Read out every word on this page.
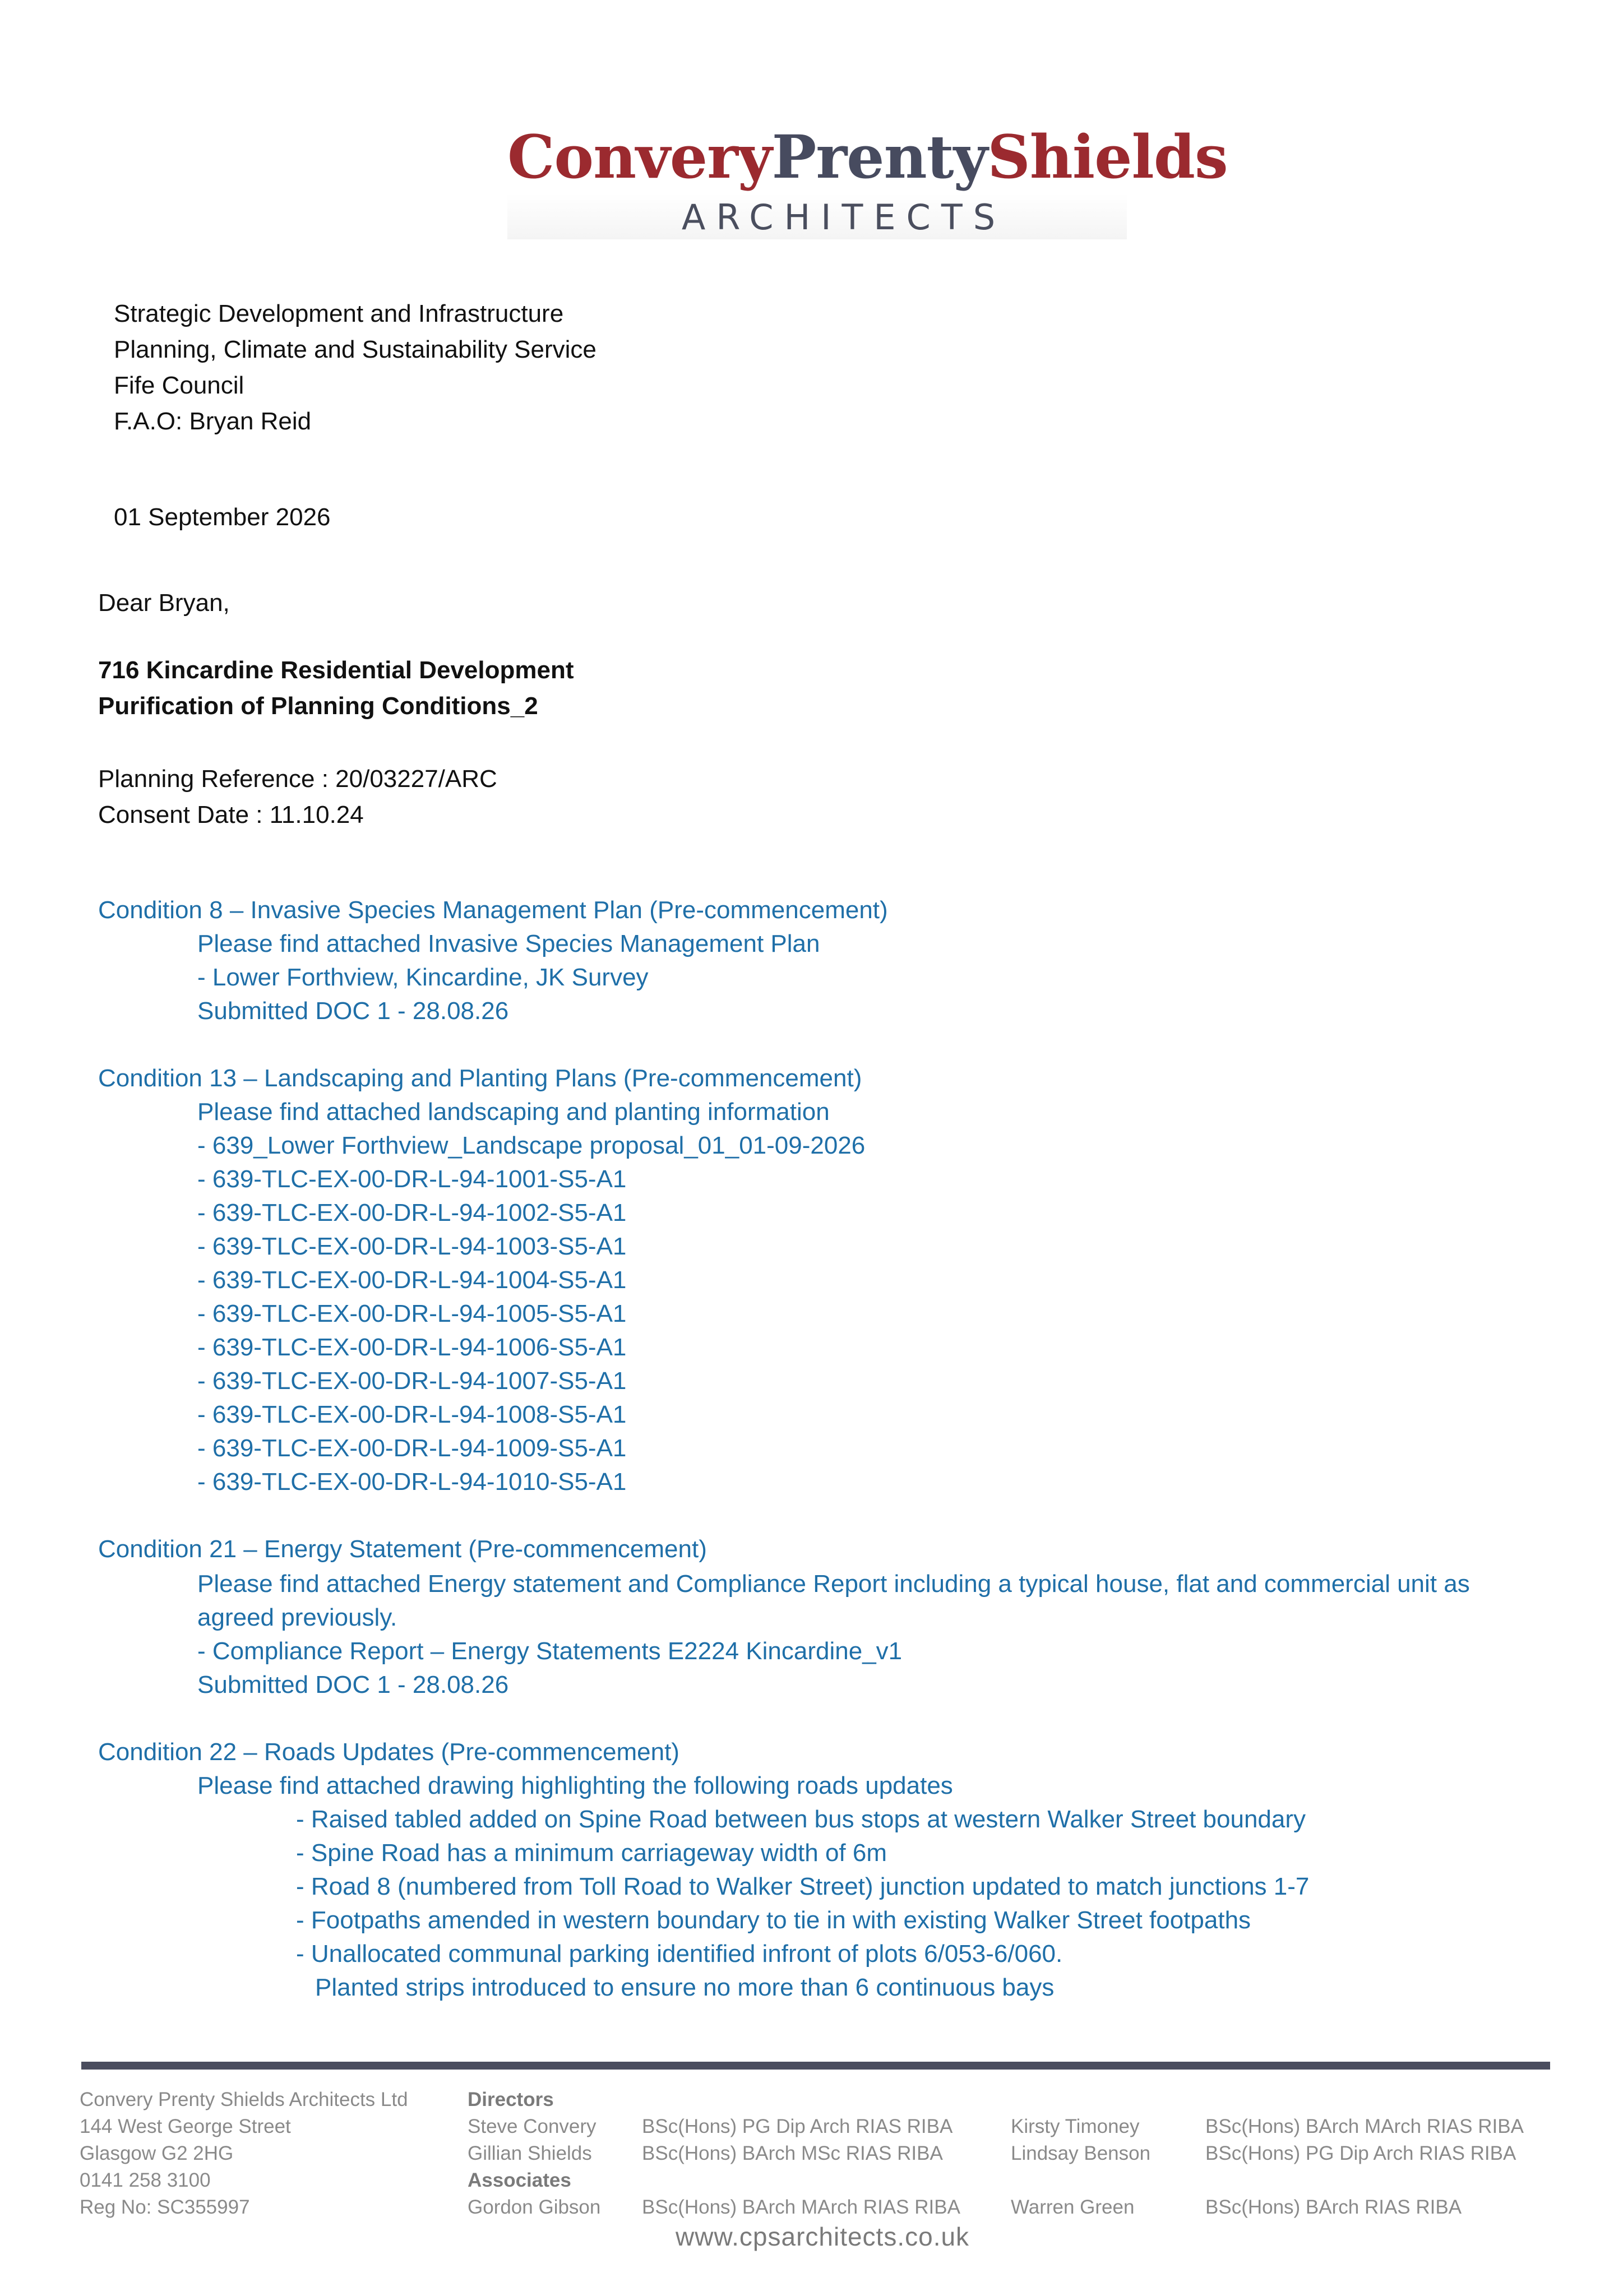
ConveryPrentyShields
ARCHITECTS

Strategic Development and Infrastructure

Planning, Climate and Sustainability Service

Fife Council

F.A.O: Bryan Reid

01 September 2026

Dear Bryan,

716 Kincardine Residential Development

Purification of Planning Conditions_2

Planning Reference : 20/03227/ARC

Consent Date : 11.10.24

Condition 8 – Invasive Species Management Plan (Pre-commencement)

Please find attached Invasive Species Management Plan

- Lower Forthview, Kincardine, JK Survey

Submitted DOC 1 - 28.08.26

Condition 13 – Landscaping and Planting Plans (Pre-commencement)

Please find attached landscaping and planting information

- 639_Lower Forthview_Landscape proposal_01_01-09-2026

- 639-TLC-EX-00-DR-L-94-1001-S5-A1

- 639-TLC-EX-00-DR-L-94-1002-S5-A1

- 639-TLC-EX-00-DR-L-94-1003-S5-A1

- 639-TLC-EX-00-DR-L-94-1004-S5-A1

- 639-TLC-EX-00-DR-L-94-1005-S5-A1

- 639-TLC-EX-00-DR-L-94-1006-S5-A1

- 639-TLC-EX-00-DR-L-94-1007-S5-A1

- 639-TLC-EX-00-DR-L-94-1008-S5-A1

- 639-TLC-EX-00-DR-L-94-1009-S5-A1

- 639-TLC-EX-00-DR-L-94-1010-S5-A1

Condition 21 – Energy Statement (Pre-commencement)

Please find attached Energy statement and Compliance Report including a typical house, flat and commercial unit as

agreed previously.

- Compliance Report – Energy Statements E2224 Kincardine_v1

Submitted DOC 1 - 28.08.26

Condition 22 – Roads Updates (Pre-commencement)

Please find attached drawing highlighting the following roads updates

- Raised tabled added on Spine Road between bus stops at western Walker Street boundary

- Spine Road has a minimum carriageway width of 6m

- Road 8 (numbered from Toll Road to Walker Street) junction updated to match junctions 1-7

- Footpaths amended in western boundary to tie in with existing Walker Street footpaths

- Unallocated communal parking identified infront of plots 6/053-6/060.

Planted strips introduced to ensure no more than 6 continuous bays

Convery Prenty Shields Architects Ltd

144 West George Street

Glasgow G2 2HG

0141 258 3100

Reg No: SC355997

Directors

Steve Convery

Gillian Shields

Associates

Gordon Gibson

BSc(Hons) PG Dip Arch RIAS RIBA

BSc(Hons) BArch MSc RIAS RIBA

BSc(Hons) BArch MArch RIAS RIBA

Kirsty Timoney

Lindsay Benson

Warren Green

BSc(Hons) BArch MArch RIAS RIBA

BSc(Hons) PG Dip Arch RIAS RIBA

BSc(Hons) BArch RIAS RIBA

www.cpsarchitects.co.uk
